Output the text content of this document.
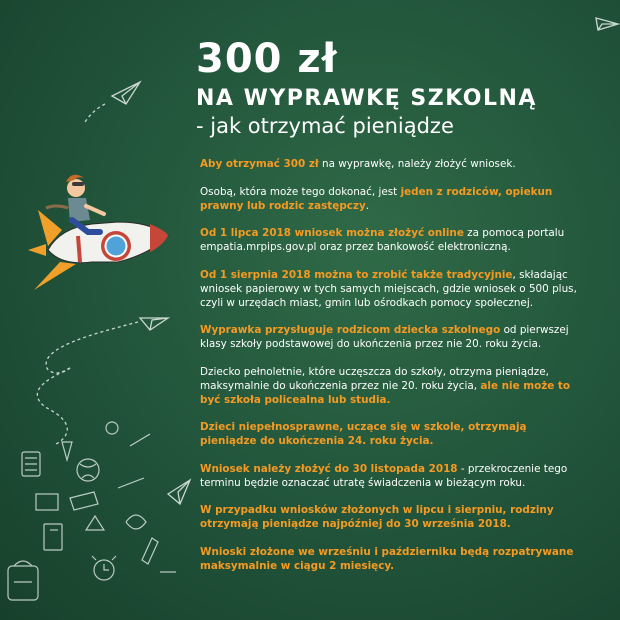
300 zł
NA WYPRAWKĘ SZKOLNĄ
- jak otrzymać pieniądze

Aby otrzymać 300 zł na wyprawkę, należy złożyć wniosek.

Osobą, która może tego dokonać, jest jeden z rodziców, opiekun prawny lub rodzic zastępczy.

Od 1 lipca 2018 wniosek można złożyć online za pomocą portalu empatia.mrpips.gov.pl oraz przez bankowość elektroniczną.

Od 1 sierpnia 2018 można to zrobić także tradycyjnie, składając wniosek papierowy w tych samych miejscach, gdzie wniosek o 500 plus, czyli w urzędach miast, gmin lub ośrodkach pomocy społecznej.

Wyprawka przysługuje rodzicom dziecka szkolnego od pierwszej klasy szkoły podstawowej do ukończenia przez nie 20. roku życia.

Dziecko pełnoletnie, które uczęszcza do szkoły, otrzyma pieniądze, maksymalnie do ukończenia przez nie 20. roku życia, ale nie może to być szkoła policealna lub studia.

Dzieci niepełnosprawne, uczące się w szkole, otrzymają pieniądze do ukończenia 24. roku życia.

Wniosek należy złożyć do 30 listopada 2018 - przekroczenie tego terminu będzie oznaczać utratę świadczenia w bieżącym roku.

W przypadku wniosków złożonych w lipcu i sierpniu, rodziny otrzymają pieniądze najpóźniej do 30 września 2018.

Wnioski złożone we wrześniu i październiku będą rozpatrywane maksymalnie w ciągu 2 miesięcy.
